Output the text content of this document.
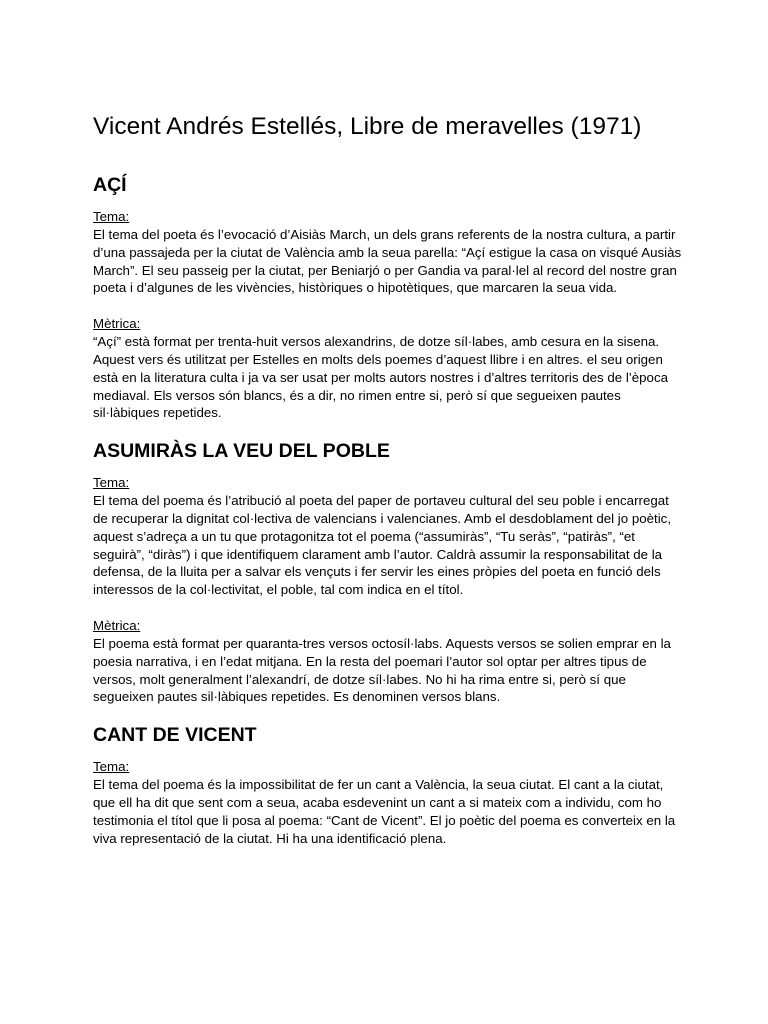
Vicent Andrés Estellés, Libre de meravelles (1971)
AÇÍ

Tema:

El tema del poeta és l’evocació d’Aisiàs March, un dels grans referents de la nostra cultura, a partir d’una passajeda per la ciutat de València amb la seua parella: “Açí estigue la casa on visqué Ausiàs March”. El seu passeig per la ciutat, per Beniarjó o per Gandia va paral·lel al record del nostre gran poeta i d’algunes de les vivències, històriques o hipotètiques, que marcaren la seua vida.

Mètrica:

“Açí” està format per trenta-huit versos alexandrins, de dotze síl·labes, amb cesura en la sisena. Aquest vers és utilitzat per Estelles en molts dels poemes d’aquest llibre i en altres. el seu origen està en la literatura culta i ja va ser usat per molts autors nostres i d’altres territoris des de l’època mediaval. Els versos són blancs, és a dir, no rimen entre si, però sí que segueixen pautes sil·làbiques repetides.

ASUMIRÀS LA VEU DEL POBLE

Tema:

El tema del poema és l’atribució al poeta del paper de portaveu cultural del seu poble i encarregat de recuperar la dignitat col·lectiva de valencians i valencianes. Amb el desdoblament del jo poètic, aquest s’adreça a un tu que protagonitza tot el poema (“assumiràs”, “Tu seràs”, “patiràs”, “et seguirà”, “diràs”) i que identifiquem clarament amb l’autor. Caldrà assumir la responsabilitat de la defensa, de la lluita per a salvar els vençuts i fer servir les eines pròpies del poeta en funció dels interessos de la col·lectivitat, el poble, tal com indica en el títol.

Mètrica:

El poema està format per quaranta-tres versos octosíl·labs. Aquests versos se solien emprar en la poesia narrativa, i en l’edat mitjana. En la resta del poemari l’autor sol optar per altres tipus de versos, molt generalment l’alexandrí, de dotze síl·labes. No hi ha rima entre si, però sí que segueixen pautes sil·làbiques repetides. Es denominen versos blans.

CANT DE VICENT

Tema:

El tema del poema és la impossibilitat de fer un cant a València, la seua ciutat. El cant a la ciutat, que ell ha dit que sent com a seua, acaba esdevenint un cant a si mateix com a individu, com ho testimonia el títol que li posa al poema: “Cant de Vicent”. El jo poètic del poema es converteix en la viva representació de la ciutat. Hi ha una identificació plena.
